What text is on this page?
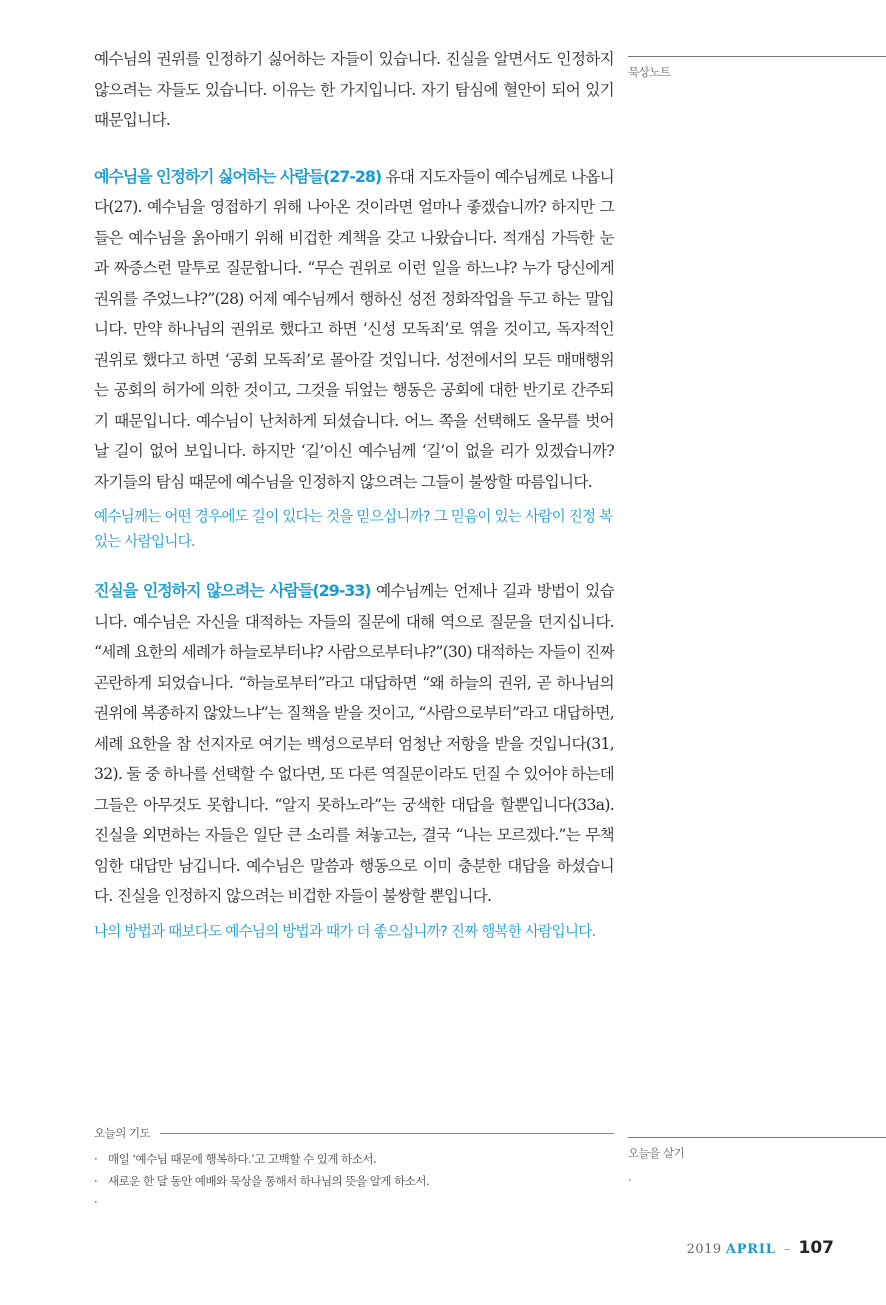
예수님의 권위를 인정하기 싫어하는 자들이 있습니다. 진실을 알면서도 인정하지 않으려는 자들도 있습니다. 이유는 한 가지입니다. 자기 탐심에 혈안이 되어 있기 때문입니다.

예수님을 인정하기 싫어하는 사람들(27-28) 유대 지도자들이 예수님께로 나옵니다(27). 예수님을 영접하기 위해 나아온 것이라면 얼마나 좋겠습니까? 하지만 그들은 예수님을 옭아매기 위해 비겁한 계책을 갖고 나왔습니다. 적개심 가득한 눈과 짜증스런 말투로 질문합니다. “무슨 권위로 이런 일을 하느냐? 누가 당신에게 권위를 주었느냐?”(28) 어제 예수님께서 행하신 성전 정화작업을 두고 하는 말입니다. 만약 하나님의 권위로 했다고 하면 ‘신성 모독죄’로 엮을 것이고, 독자적인 권위로 했다고 하면 ‘공회 모독죄’로 몰아갈 것입니다. 성전에서의 모든 매매행위는 공회의 허가에 의한 것이고, 그것을 뒤엎는 행동은 공회에 대한 반기로 간주되기 때문입니다. 예수님이 난처하게 되셨습니다. 어느 쪽을 선택해도 올무를 벗어날 길이 없어 보입니다. 하지만 ‘길’이신 예수님께 ‘길’이 없을 리가 있겠습니까? 자기들의 탐심 때문에 예수님을 인정하지 않으려는 그들이 불쌍할 따름입니다.

예수님께는 어떤 경우에도 길이 있다는 것을 믿으십니까? 그 믿음이 있는 사람이 진정 복있는 사람입니다.

진실을 인정하지 않으려는 사람들(29-33) 예수님께는 언제나 길과 방법이 있습니다. 예수님은 자신을 대적하는 자들의 질문에 대해 역으로 질문을 던지십니다. “세례 요한의 세례가 하늘로부터냐? 사람으로부터냐?”(30) 대적하는 자들이 진짜 곤란하게 되었습니다. “하늘로부터”라고 대답하면 “왜 하늘의 권위, 곧 하나님의 권위에 복종하지 않았느냐”는 질책을 받을 것이고, “사람으로부터”라고 대답하면, 세례 요한을 참 선지자로 여기는 백성으로부터 엄청난 저항을 받을 것입니다(31, 32). 둘 중 하나를 선택할 수 없다면, 또 다른 역질문이라도 던질 수 있어야 하는데 그들은 아무것도 못합니다. “알지 못하노라”는 궁색한 대답을 할뿐입니다(33a). 진실을 외면하는 자들은 일단 큰 소리를 쳐놓고는, 결국 “나는 모르겠다.”는 무책임한 대답만 남깁니다. 예수님은 말씀과 행동으로 이미 충분한 대답을 하셨습니다. 진실을 인정하지 않으려는 비겁한 자들이 불쌍할 뿐입니다.

나의 방법과 때보다도 예수님의 방법과 때가 더 좋으십니까? 진짜 행복한 사람입니다.

오늘의 기도
· 매일 ‘예수님 때문에 행복하다.’고 고백할 수 있게 하소서.
· 새로운 한 달 동안 예배와 묵상을 통해서 하나님의 뜻을 알게 하소서.
·
묵상노트
오늘을 살기
·
2019 APRIL – 107
